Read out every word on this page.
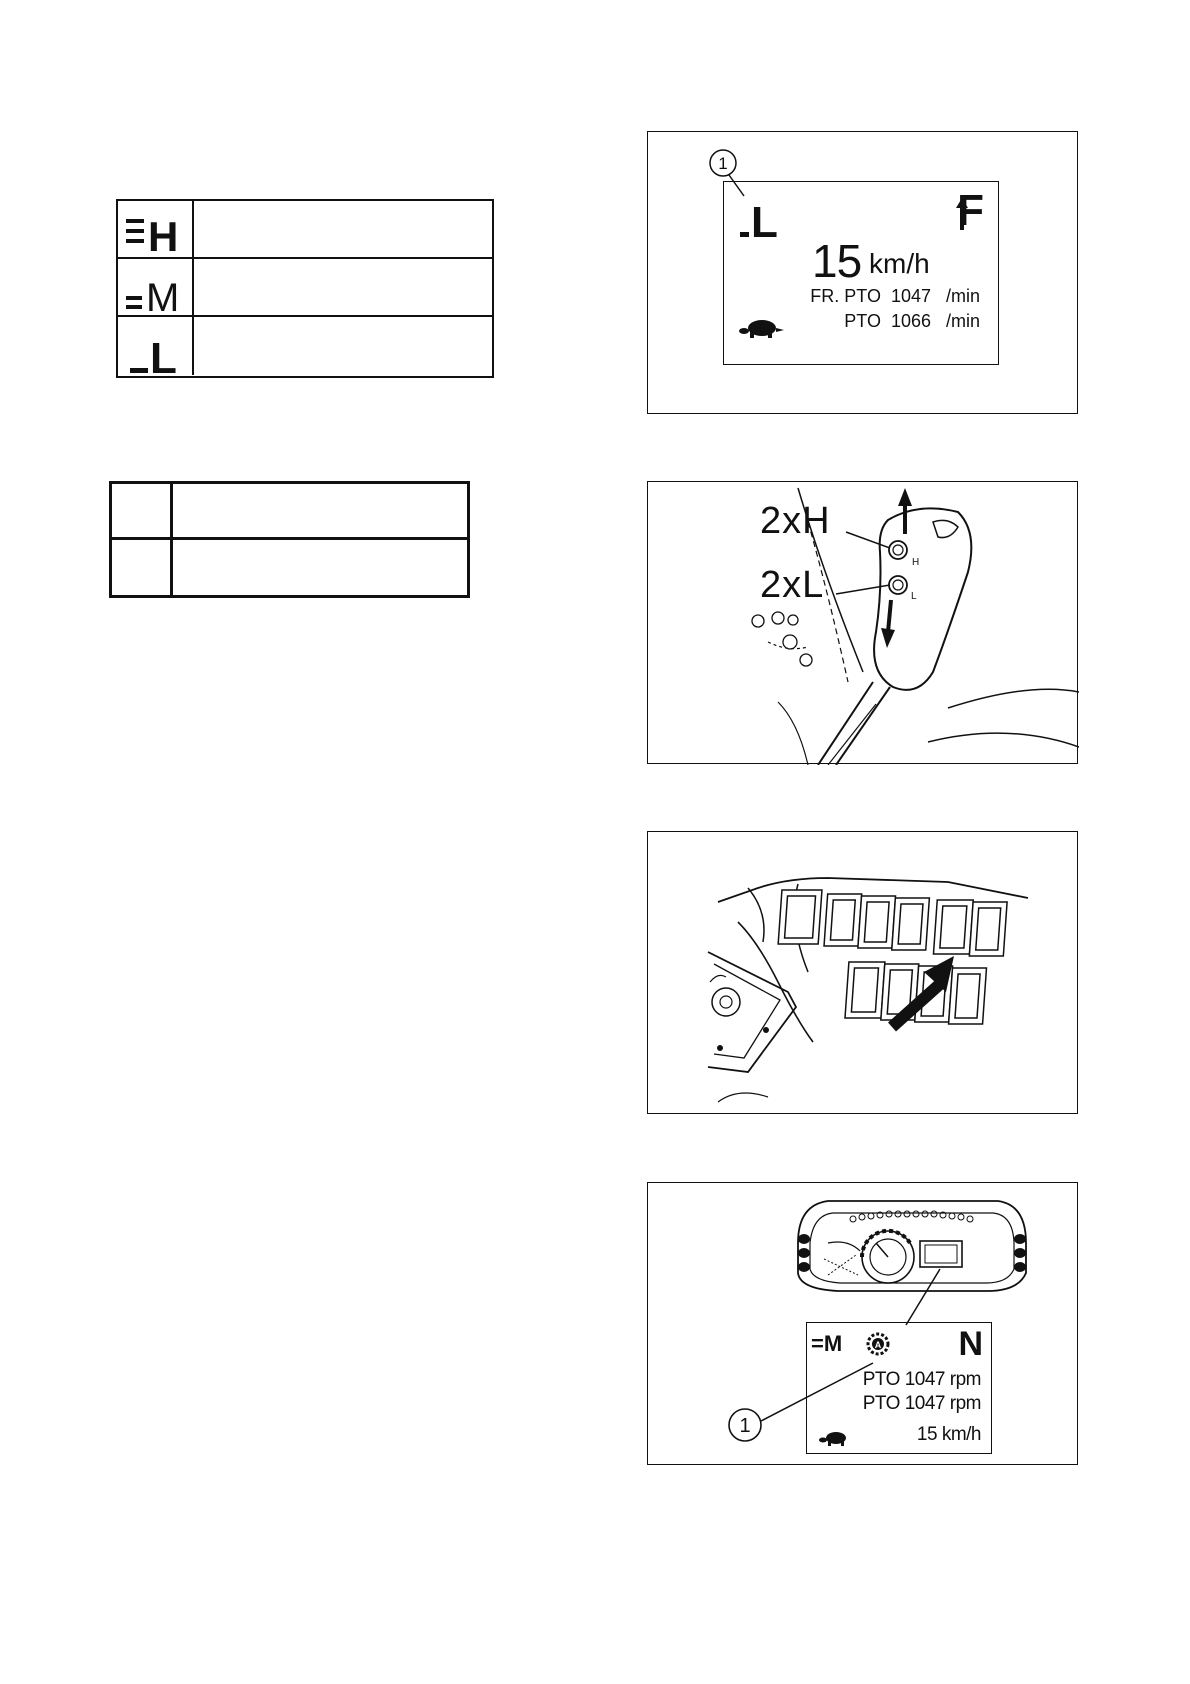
H
M
L
1
L	F
15 km/h
FR. PTO  1047   /min
PTO  1066   /min
H
L
2xH
2xL
1
=M	A N
PTO 1047 rpm
PTO 1047 rpm
15 km/h
